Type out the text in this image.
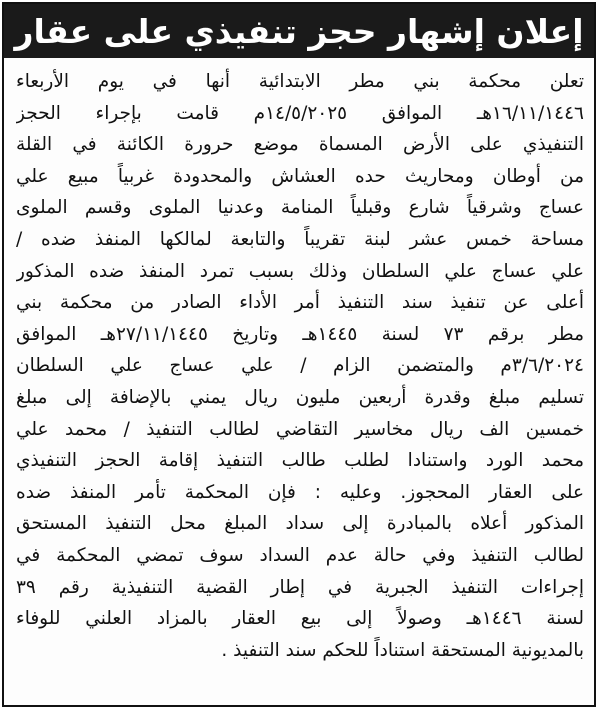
إعلان إشهار حجز تنفيذي على عقار
تعلن محكمة بني مطر الابتدائية أنها في يوم الأربعاء
١٦/١١/١٤٤٦هـ الموافق ١٤/٥/٢٠٢٥م قامت بإجراء الحجز
التنفيذي على الأرض المسماة موضع حرورة الكائنة في القلة
من أوطان ومحاريث حده العشاش والمحدودة غربياً مبيع علي
عساج وشرقياً شارع وقبلياً المنامة وعدنيا الملوى وقسم الملوى
مساحة خمس عشر لبنة تقريباً والتابعة لمالكها المنفذ ضده /
علي عساج علي السلطان وذلك بسبب تمرد المنفذ ضده المذكور
أعلى عن تنفيذ سند التنفيذ أمر الأداء الصادر من محكمة بني
مطر برقم ٧٣ لسنة ١٤٤٥هـ وتاريخ ٢٧/١١/١٤٤٥هـ الموافق
٣/٦/٢٠٢٤م والمتضمن الزام / علي عساج علي السلطان
تسليم مبلغ وقدرة أربعين مليون ريال يمني بالإضافة إلى مبلغ
خمسين الف ريال مخاسير التقاضي لطالب التنفيذ / محمد علي
محمد الورد واستنادا لطلب طالب التنفيذ إقامة الحجز التنفيذي
على العقار المحجوز. وعليه : فإن المحكمة تأمر المنفذ ضده
المذكور أعلاه بالمبادرة إلى سداد المبلغ محل التنفيذ المستحق
لطالب التنفيذ وفي حالة عدم السداد سوف تمضي المحكمة في
إجراءات التنفيذ الجبرية في إطار القضية التنفيذية رقم ٣٩
لسنة ١٤٤٦هـ وصولاً إلى بيع العقار بالمزاد العلني للوفاء
بالمديونية المستحقة استناداً للحكم سند التنفيذ .
